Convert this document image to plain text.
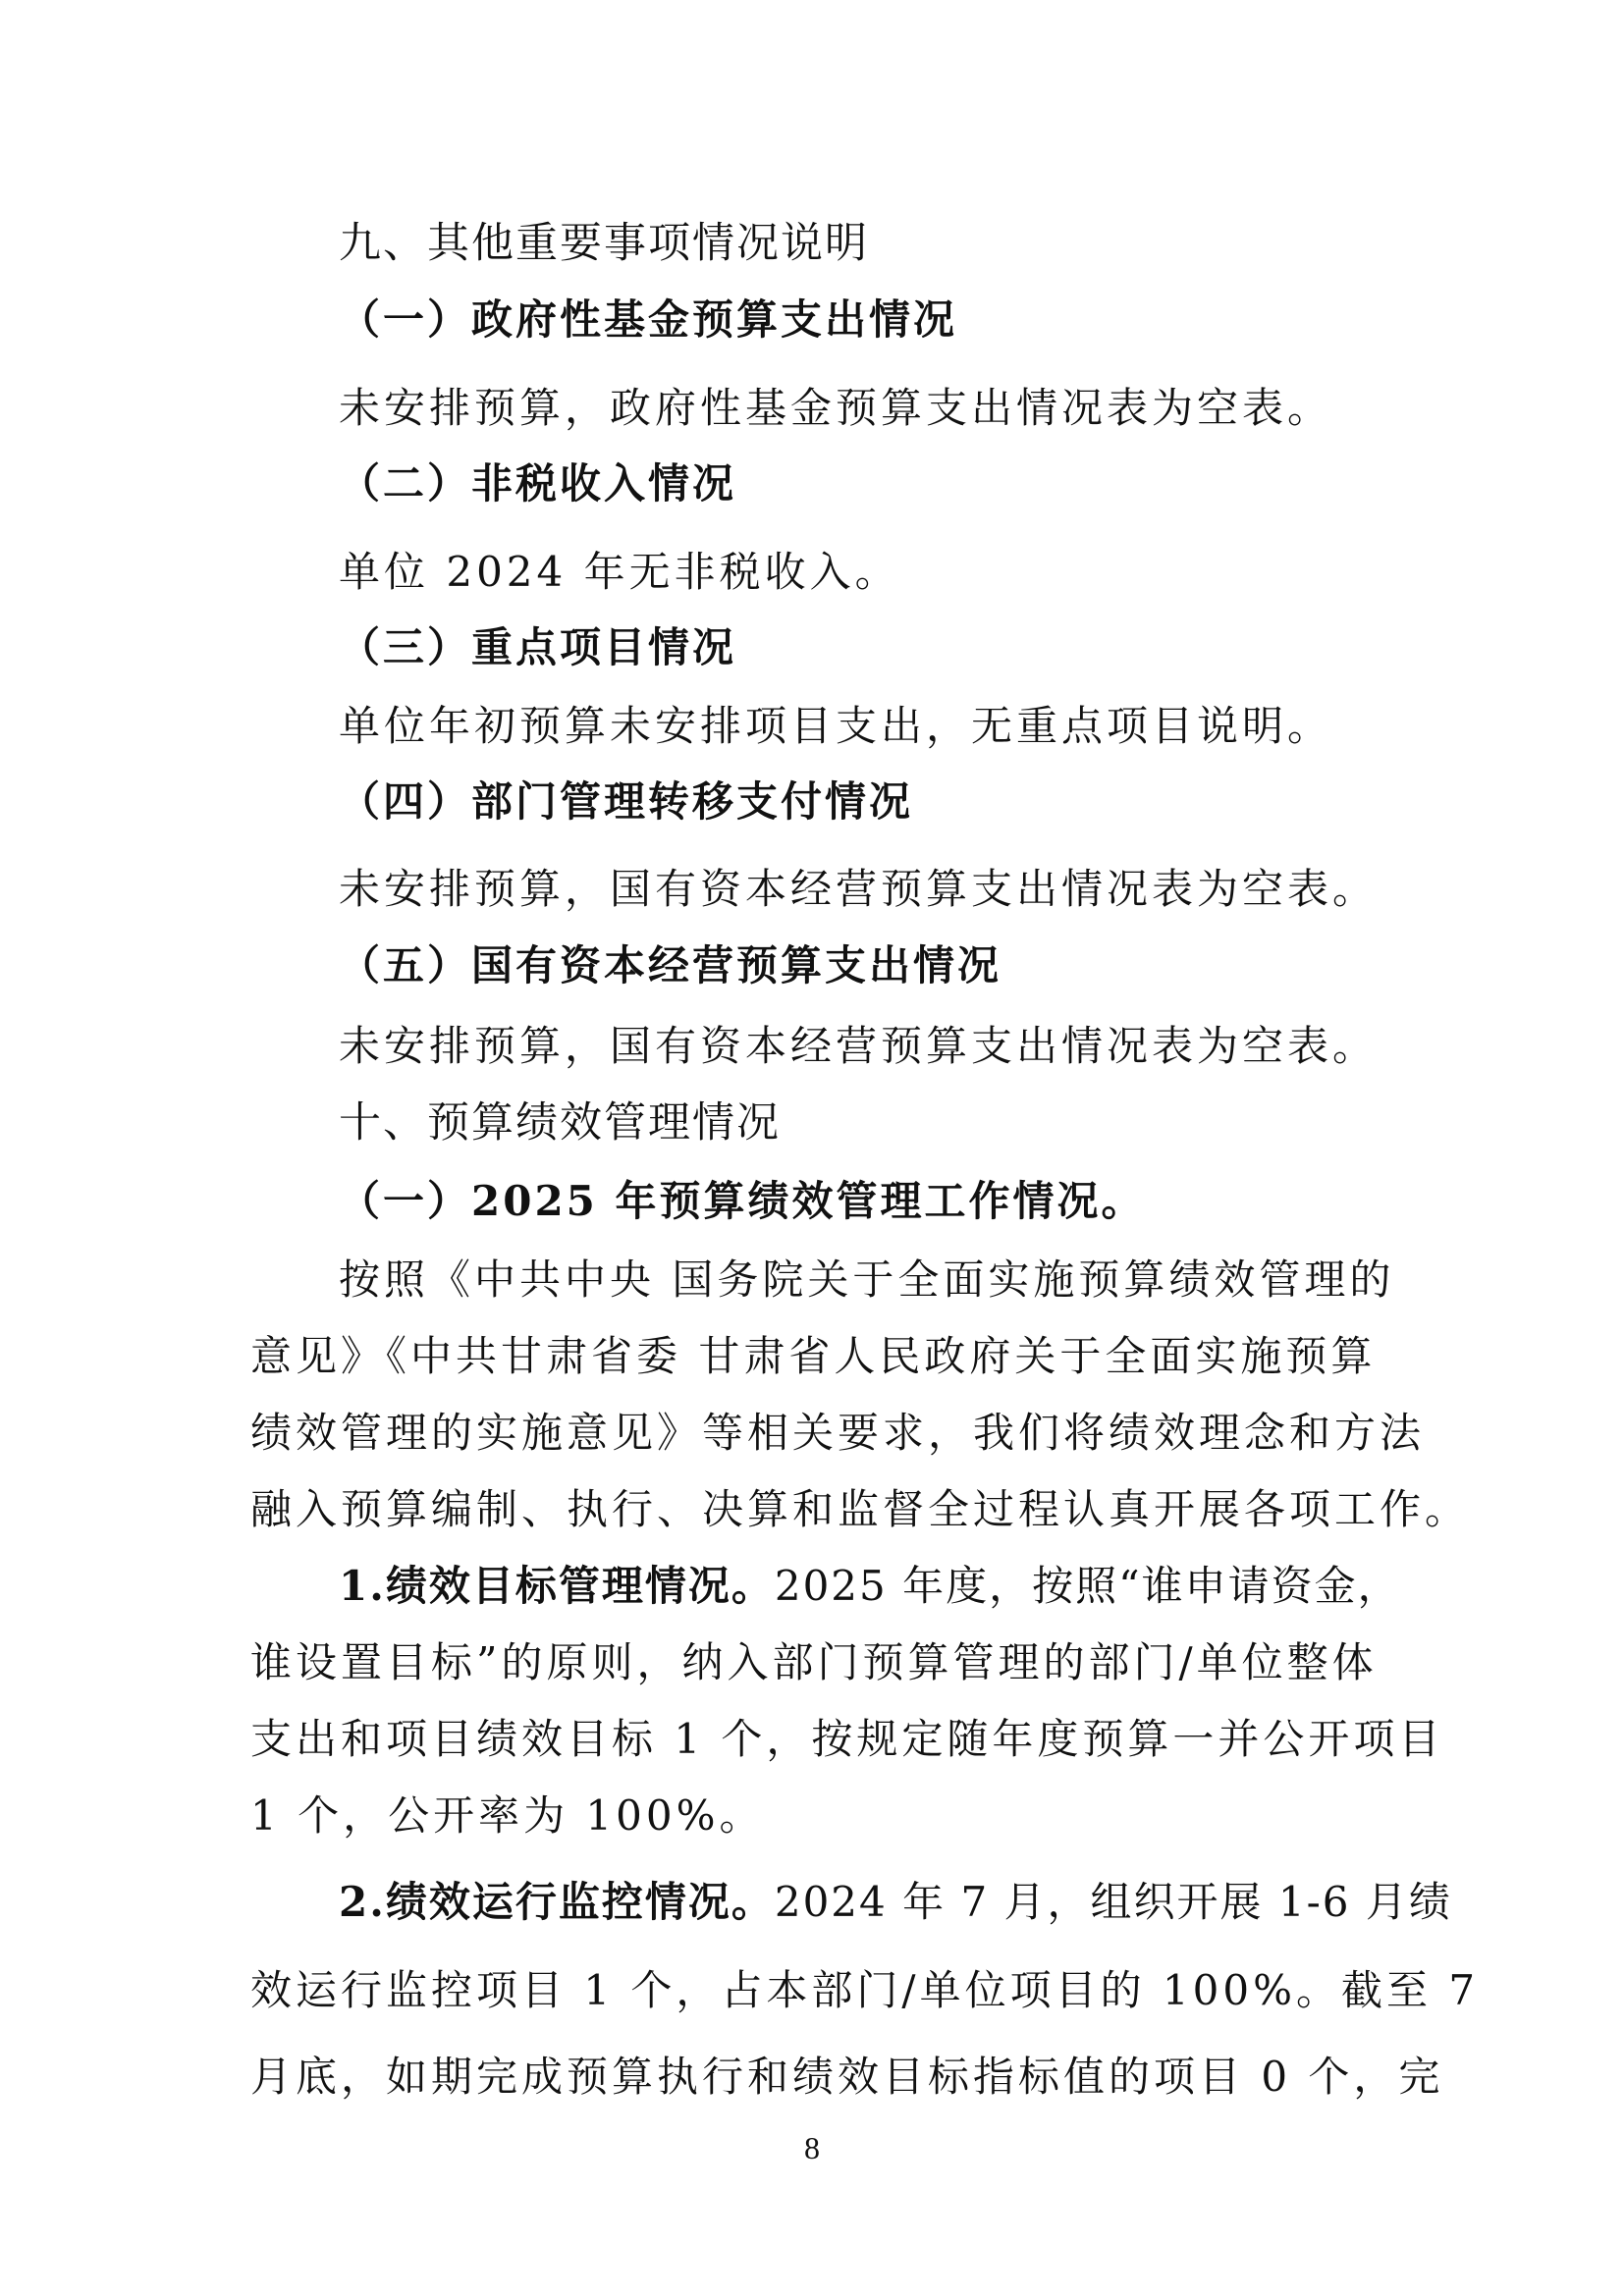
九、其他重要事项情况说明
（一）政府性基金预算支出情况
未安排预算，政府性基金预算支出情况表为空表。
（二）非税收入情况
单位 2024 年无非税收入。
（三）重点项目情况
单位年初预算未安排项目支出，无重点项目说明。
（四）部门管理转移支付情况
未安排预算，国有资本经营预算支出情况表为空表。
（五）国有资本经营预算支出情况
未安排预算，国有资本经营预算支出情况表为空表。
十、预算绩效管理情况
（一）2025 年预算绩效管理工作情况。
按照《中共中央 国务院关于全面实施预算绩效管理的
意见》《中共甘肃省委 甘肃省人民政府关于全面实施预算
绩效管理的实施意见》等相关要求，我们将绩效理念和方法
融入预算编制、执行、决算和监督全过程认真开展各项工作。
1.绩效目标管理情况。 2025 年度，按照“谁申请资金，
谁设置目标”的原则，纳入部门预算管理的部门/单位整体
支出和项目绩效目标 1 个，按规定随年度预算一并公开项目
1 个，公开率为 100%。
2.绩效运行监控情况。 2024 年 7 月，组织开展 1-6 月绩
效运行监控项目 1 个，占本部门/单位项目的 100%。截至 7
月底，如期完成预算执行和绩效目标指标值的项目 0 个，完
8
